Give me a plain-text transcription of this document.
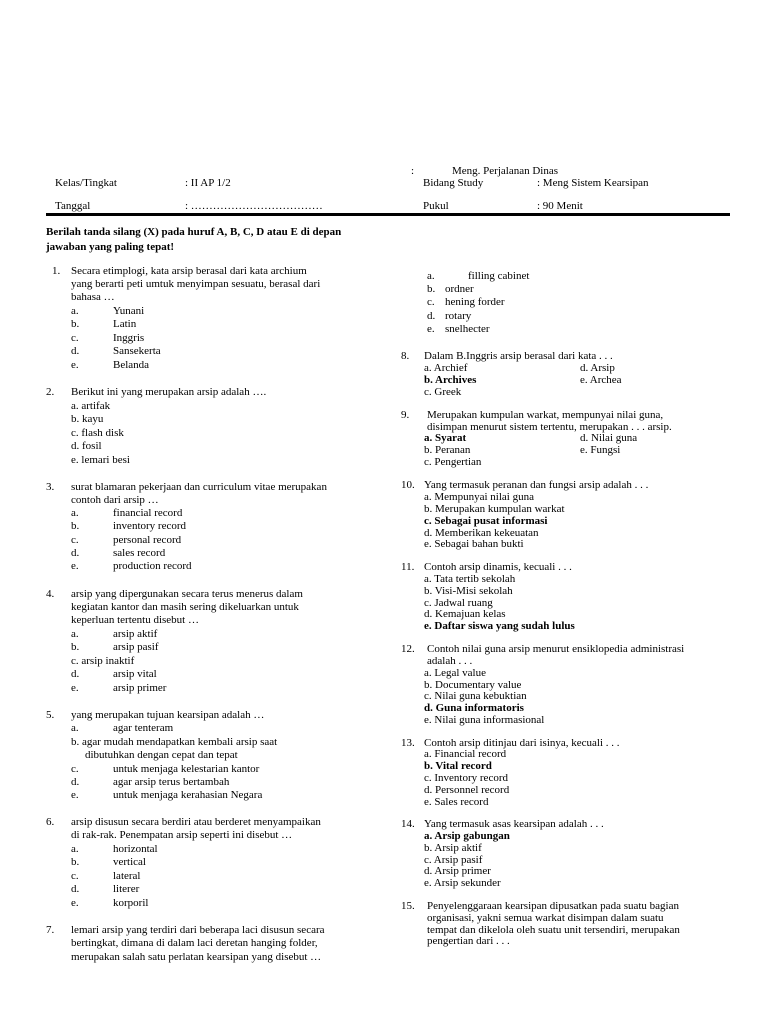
:	Meng. Perjalanan Dinas
Kelas/Tingkat	: II AP 1/2	Bidang Study	: Meng Sistem Kearsipan
Tanggal	: ………………………………	Pukul	: 90 Menit
Berilah tanda silang (X) pada huruf A, B, C, D atau E di depan jawaban yang paling tepat!
1. Secara etimplogi, kata arsip berasal dari kata archium
yang berarti peti umtuk menyimpan sesuatu, berasal dari
bahasa …
a.	Yunani
b.	Latin
c.	Inggris
d.	Sansekerta
e.	Belanda
2. Berikut ini yang merupakan arsip adalah ….
a. artifak
b. kayu
c. flash disk
d. fosil
e. lemari besi
3. surat blamaran pekerjaan dan curriculum vitae merupakan
contoh dari arsip …
a.	financial record
b.	inventory record
c.	personal record
d.	sales record
e.	production record
4. arsip yang dipergunakan secara terus menerus dalam
kegiatan kantor dan masih sering dikeluarkan untuk
keperluan tertentu disebut …
a.	arsip aktif
b.	arsip pasif
c. arsip inaktif
d.	arsip vital
e.	arsip primer
5. yang merupakan tujuan kearsipan adalah …
a.	agar tenteram
b. agar mudah mendapatkan kembali arsip saat
dibutuhkan dengan cepat dan tepat
c.	untuk menjaga kelestarian kantor
d.	agar arsip terus bertambah
e.	untuk menjaga kerahasian Negara
6. arsip disusun secara berdiri atau berderet menyampaikan
di rak-rak. Penempatan arsip seperti ini disebut …
a.	horizontal
b.	vertical
c.	lateral
d.	literer
e.	korporil
7. lemari arsip yang terdiri dari beberapa laci disusun secara
bertingkat, dimana di dalam laci deretan hanging folder,
merupakan salah satu perlatan kearsipan yang disebut …
a.	filling cabinet
b. ordner
c. hening forder
d. rotary
e. snelhecter
8. Dalam B.Inggris arsip berasal dari kata . . .
a. Archief	d. Arsip
b. Archives	e. Archea
c. Greek
9. Merupakan kumpulan warkat, mempunyai nilai guna,
disimpan menurut sistem tertentu, merupakan . . . arsip.
a. Syarat	d. Nilai guna
b. Peranan	e. Fungsi
c. Pengertian
10. Yang termasuk peranan dan fungsi arsip adalah . . .
a. Mempunyai nilai guna
b. Merupakan kumpulan warkat
c. Sebagai pusat informasi
d. Memberikan kekeuatan
e. Sebagai bahan bukti
11. Contoh arsip dinamis, kecuali . . .
a. Tata tertib sekolah
b. Visi-Misi sekolah
c. Jadwal ruang
d. Kemajuan kelas
e. Daftar siswa yang sudah lulus
12. Contoh nilai guna arsip menurut ensiklopedia administrasi
adalah . . .
a. Legal value
b. Documentary value
c. Nilai guna kebuktian
d. Guna informatoris
e. Nilai guna informasional
13. Contoh arsip ditinjau dari isinya, kecuali . . .
a. Financial record
b. Vital record
c. Inventory record
d. Personnel record
e. Sales record
14. Yang termasuk asas kearsipan adalah . . .
a. Arsip gabungan
b. Arsip aktif
c. Arsip pasif
d. Arsip primer
e. Arsip sekunder
15. Penyelenggaraan kearsipan dipusatkan pada suatu bagian
organisasi, yakni semua warkat disimpan dalam suatu
tempat dan dikelola oleh suatu unit tersendiri, merupakan
pengertian dari . . .
